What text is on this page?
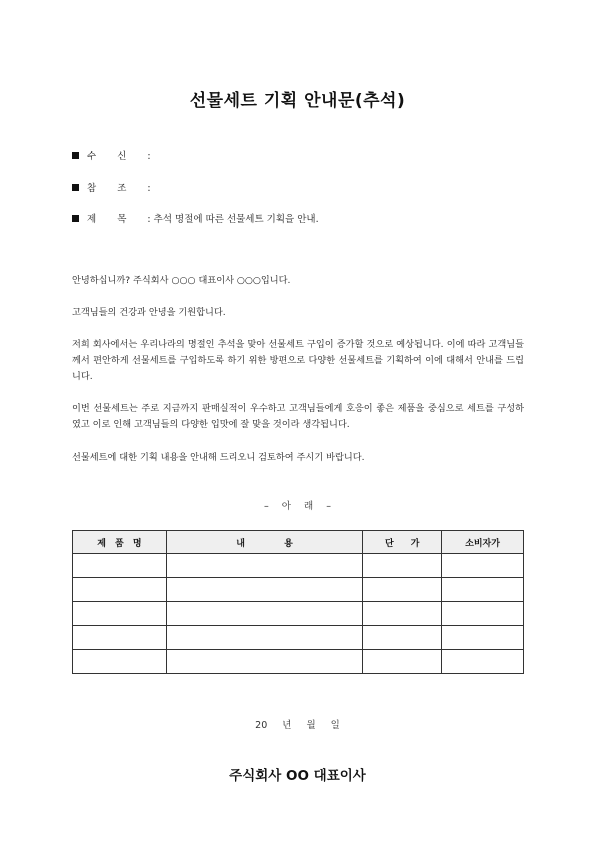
선물세트 기획 안내문(추석)
수 신 :
참 조 :
제 목 : 추석 명절에 따른 선물세트 기획을 안내.
안녕하십니까? 주식회사 ○○○ 대표이사 ○○○입니다.
고객님들의 건강과 안녕을 기원합니다.
저희 회사에서는 우리나라의 명절인 추석을 맞아 선물세트 구입이 증가할 것으로 예상됩니다. 이에 따라 고객님들께서 편안하게 선물세트를 구입하도록 하기 위한 방편으로 다양한 선물세트를 기획하여 이에 대해서 안내를 드립니다.
이번 선물세트는 주로 지금까지 판매실적이 우수하고 고객님들에게 호응이 좋은 제품을 중심으로 세트를 구성하였고 이로 인해 고객님들의 다양한 입맛에 잘 맞을 것이라 생각됩니다.
선물세트에 대한 기획 내용을 안내해 드리오니 검토하여 주시기 바랍니다.
– 아 래 –
제 품 명	내 용	단 가	소비자가

20 년 월 일
주식회사 OO 대표이사
